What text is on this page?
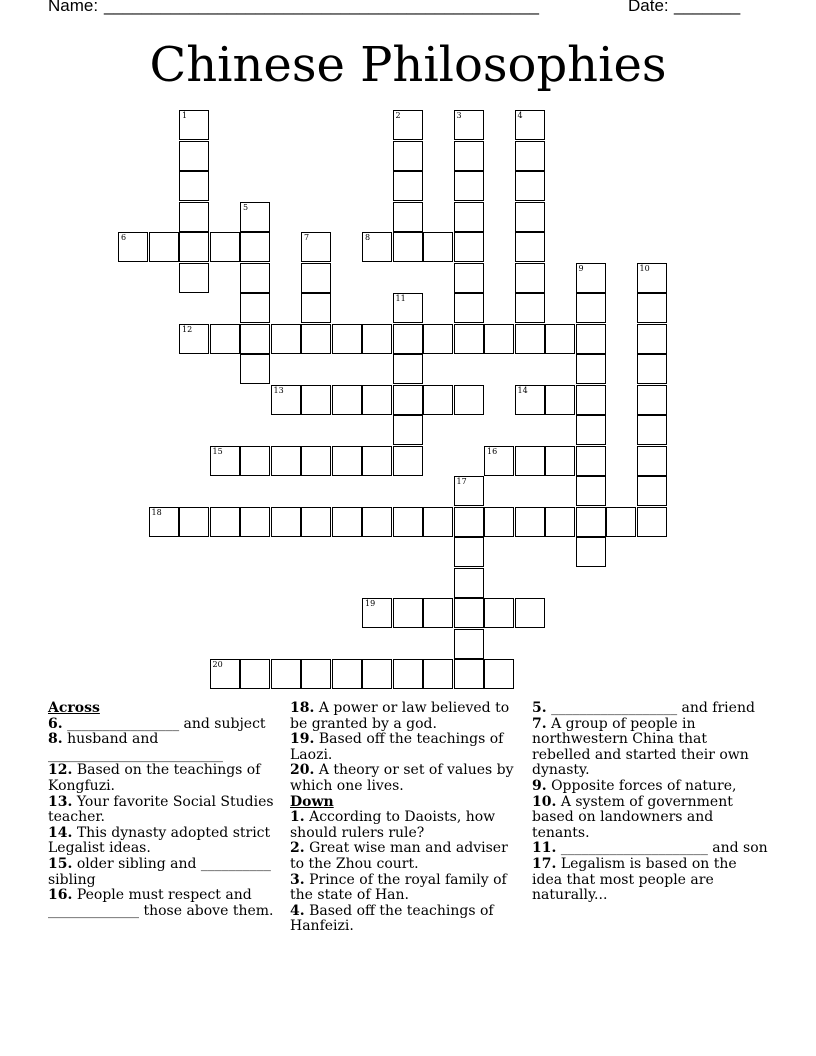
Name: ______________________________________________	Date: _______
Chinese Philosophies
1	2	3	4
5
6	7	8
9	10
11
12
13	14
15	16
17
18
19
20
Across

6. ________________ and subject

8. husband and _________________________

12. Based on the teachings of Kongfuzi.

13. Your favorite Social Studies teacher.

14. This dynasty adopted strict Legalist ideas.

15. older sibling and __________ sibling

16. People must respect and _____________ those above them.

18. A power or law believed to be granted by a god.

19. Based off the teachings of Laozi.

20. A theory or set of values by which one lives.

Down

1. According to Daoists, how should rulers rule?

2. Great wise man and adviser to the Zhou court.

3. Prince of the royal family of the state of Han.

4. Based off the teachings of Hanfeizi.

5. __________________ and friend

7. A group of people in northwestern China that rebelled and started their own dynasty.

9. Opposite forces of nature,

10. A system of government based on landowners and tenants.

11. _____________________ and son

17. Legalism is based on the idea that most people are naturally...
